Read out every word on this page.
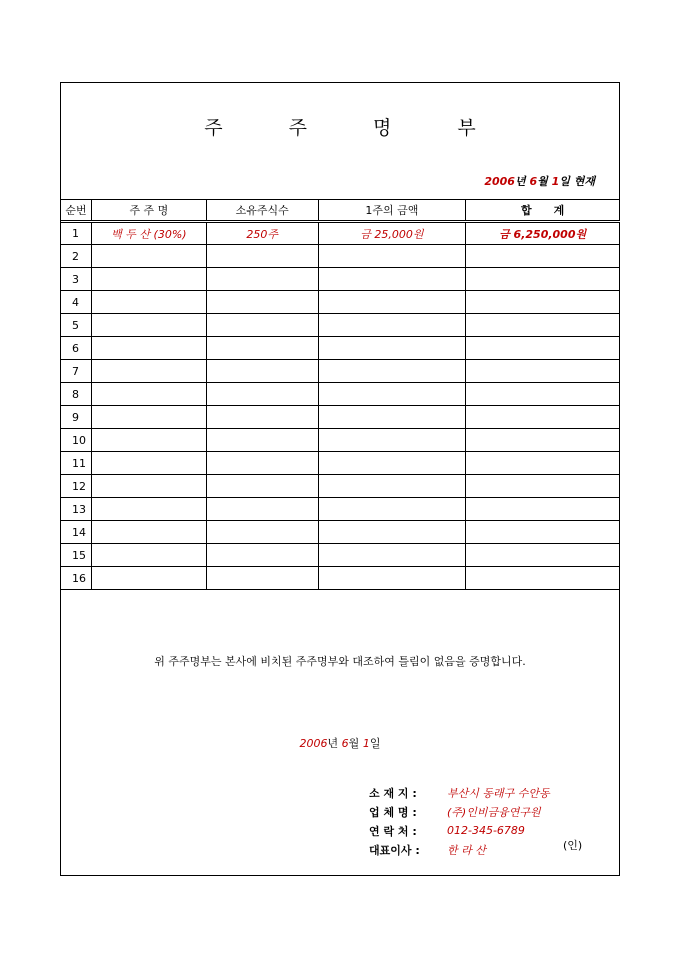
주 주 명 부
2006년 6월 1일 현재
순번	주 주 명	소유주식수	1주의 금액	합　　계
1	백 두 산 (30%)	250주	금 25,000원	금 6,250,000원
2				
3				
4				
5				
6				
7				
8				
9				
10				
11				
12				
13				
14				
15				
16				
위 주주명부는 본사에 비치된 주주명부와 대조하여 틀림이 없음을 증명합니다.
2006년 6월 1일
소 재 지 :	부산시 동래구 수안동
업 체 명 :	(주)인비금융연구원
연 락 처 :	012-345-6789
대표이사 :	한 라 산	(인)
